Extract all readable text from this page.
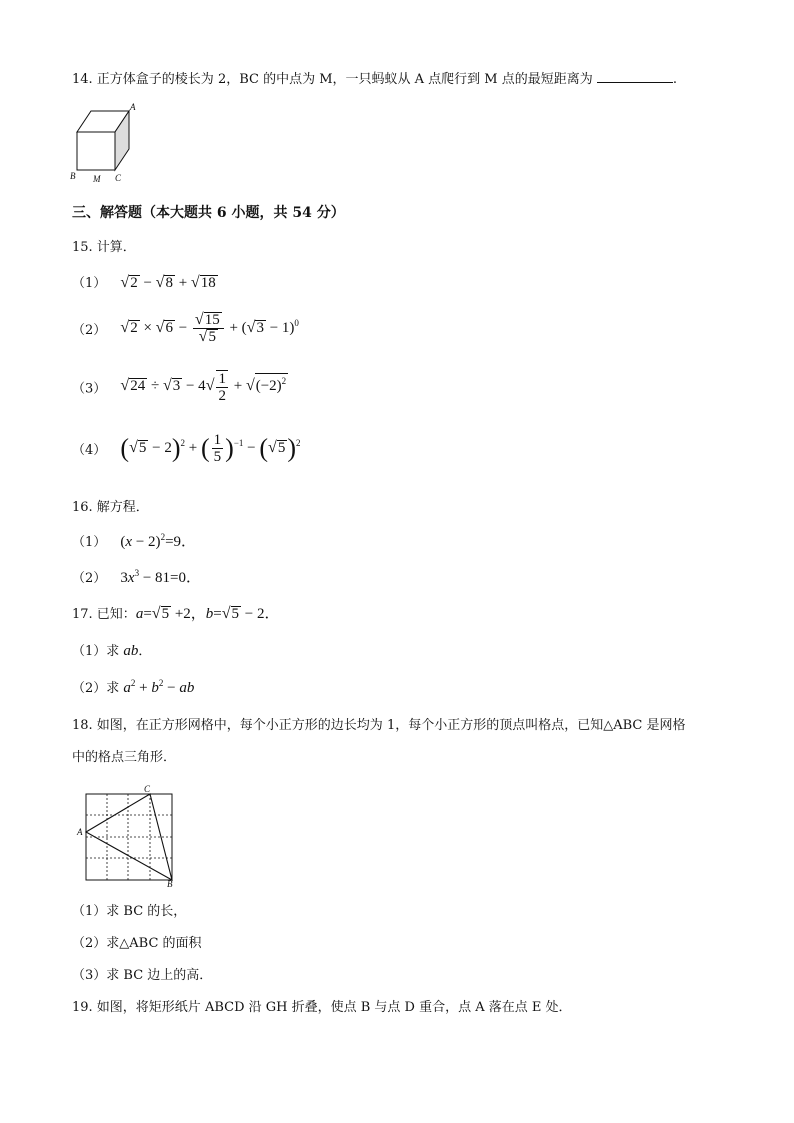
14. 正方体盒子的棱长为 2，BC 的中点为 M，一只蚂蚁从 A 点爬行到 M 点的最短距离为	.
A
B M C
三、解答题（本大题共 6 小题，共 54 分）
15. 计算．
（1） √2 − √8 + √18
（2） $√2 \times √6 - \frac{√15}{√5} + (√3 - 1)^0$
（3） $√24 \div √3 - 4√ \frac{1}{2} + √(-2)^2$
（4） $(√5 - 2)^2$ + ( $\frac{1}{5} )^{-1} - (√5)^2$
16. 解方程．
（1） $(x - 2)^2=9$．
（2） $3x^3 - 81=0$．
17. 已知：a=√5 +2，b=√5 − 2．
（1）求 ab．
（2）求 $a^2 + b^2$ − ab
18. 如图，在正方形网格中，每个小正方形的边长均为 1，每个小正方形的顶点叫格点，已知△ABC 是网格
中的格点三角形．
A
B
C
（1）求 BC 的长，
（2）求△ABC 的面积
（3）求 BC 边上的高．
19. 如图，将矩形纸片 ABCD 沿 GH 折叠，使点 B 与点 D 重合，点 A 落在点 E 处．
